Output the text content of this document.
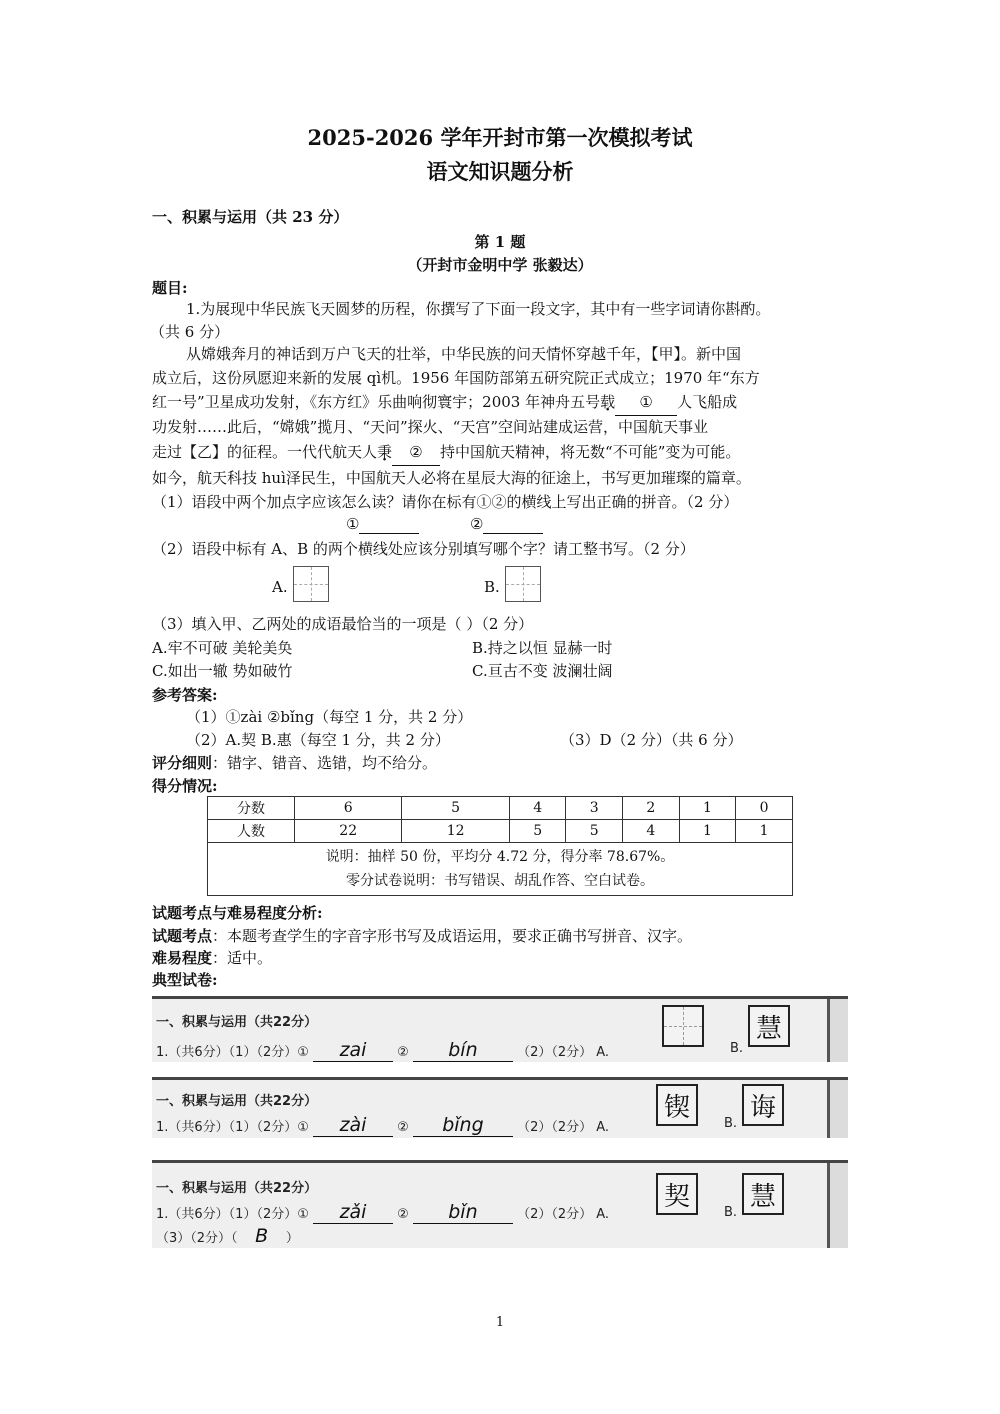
2025-2026 学年开封市第一次模拟考试
语文知识题分析
一、积累与运用（共 23 分）
第 1 题
（开封市金明中学 张毅达）
题目:
1.为展现中华民族飞天圆梦的历程，你撰写了下面一段文字，其中有一些字词请你斟酌。
（共 6 分）
从嫦娥奔月的神话到万户飞天的壮举，中华民族的问天情怀穿越千年，【甲】。新中国
成立后，这份夙愿迎来新的发展 qì机。1956 年国防部第五研究院正式成立；1970 年“东方
红一号”卫星成功发射，《东方红》乐曲响彻寰宇；2003 年神舟五号载 ① 人飞船成
功发射……此后，“嫦娥”揽月、“天问”探火、“天宫”空间站建成运营，中国航天事业
走过【乙】的征程。一代代航天人秉 ② 持中国航天精神，将无数“不可能”变为可能。
如今，航天科技 huì泽民生，中国航天人必将在星辰大海的征途上，书写更加璀璨的篇章。
（1）语段中两个加点字应该怎么读？请你在标有①②的横线上写出正确的拼音。（2 分）
①	②
（2）语段中标有 A、B 的两个横线处应该分别填写哪个字？请工整书写。（2 分）
A.	B.
（3）填入甲、乙两处的成语最恰当的一项是（ ）（2 分）
A.牢不可破 美轮美奂	B.持之以恒 显赫一时
C.如出一辙 势如破竹	C.亘古不变 波澜壮阔
参考答案:
（1）①zài ②bǐng（每空 1 分，共 2 分）
（2）A.契 B.惠（每空 1 分，共 2 分）	（3）D（2 分）（共 6 分）
评分细则：错字、错音、选错，均不给分。
得分情况:
分数	6	5	4	3	2	1	0
人数	22	12	5	5	4	1	1

说明：抽样 50 份，平均分 4.72 分，得分率 78.67%。
零分试卷说明：书写错误、胡乱作答、空白试卷。							
试题考点与难易程度分析:
试题考点：本题考查学生的字音字形书写及成语运用，要求正确书写拼音、汉字。
难易程度：适中。
典型试卷:
一、积累与运用（共22分）
1.（共6分）（1）（2分）① zai ② bín	（2）（2分） A.	B.
慧
一、积累与运用（共22分）
1.（共6分）（1）（2分）① zài ② bǐng	（2）（2分） A.
锲
B.
诲
一、积累与运用（共22分）
1.（共6分）（1）（2分）① zǎi ② bǐn	（2）（2分） A.
（3）（2分）（ B ）
契
B.
慧
1
